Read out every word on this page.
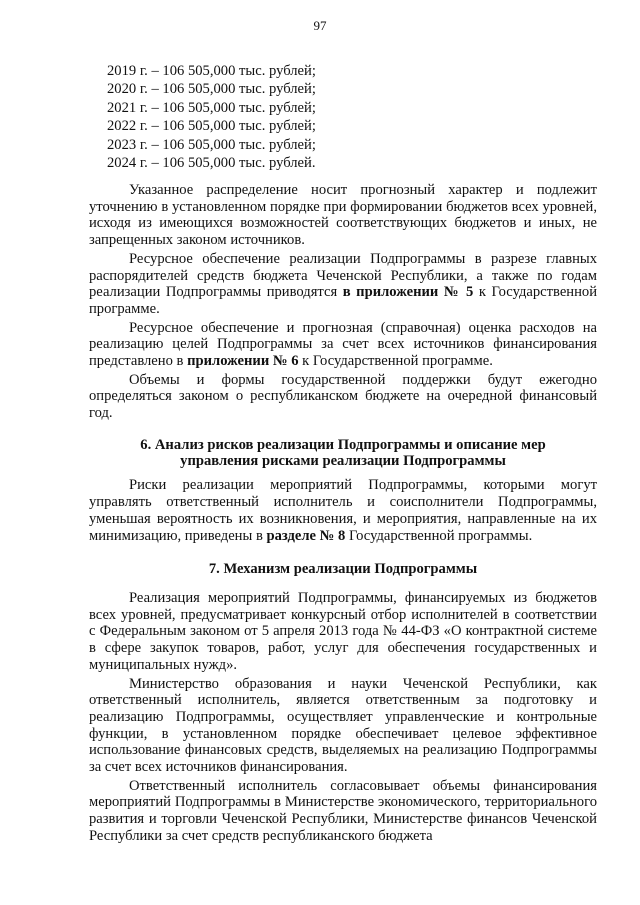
97
2019 г. – 106 505,000 тыс. рублей;
2020 г. – 106 505,000 тыс. рублей;
2021 г. – 106 505,000 тыс. рублей;
2022 г. – 106 505,000 тыс. рублей;
2023 г. – 106 505,000 тыс. рублей;
2024 г. – 106 505,000 тыс. рублей.

Указанное распределение носит прогнозный характер и подлежит уточнению в установленном порядке при формировании бюджетов всех уровней, исходя из имеющихся возможностей соответствующих бюджетов и иных, не запрещенных законом источников.

Ресурсное обеспечение реализации Подпрограммы в разрезе главных распорядителей средств бюджета Чеченской Республики, а также по годам реализации Подпрограммы приводятся в приложении № 5 к Государственной программе.

Ресурсное обеспечение и прогнозная (справочная) оценка расходов на реализацию целей Подпрограммы за счет всех источников финансирования представлено в приложении № 6 к Государственной программе.

Объемы и формы государственной поддержки будут ежегодно определяться законом о республиканском бюджете на очередной финансовый год.

6. Анализ рисков реализации Подпрограммы и описание мер
управления рисками реализации Подпрограммы

Риски реализации мероприятий Подпрограммы, которыми могут управлять ответственный исполнитель и соисполнители Подпрограммы, уменьшая вероятность их возникновения, и мероприятия, направленные на их минимизацию, приведены в разделе № 8 Государственной программы.

7. Механизм реализации Подпрограммы

Реализация мероприятий Подпрограммы, финансируемых из бюджетов всех уровней, предусматривает конкурсный отбор исполнителей в соответствии с Федеральным законом от 5 апреля 2013 года № 44-ФЗ «О контрактной системе в сфере закупок товаров, работ, услуг для обеспечения государственных и муниципальных нужд».

Министерство образования и науки Чеченской Республики, как ответственный исполнитель, является ответственным за подготовку и реализацию Подпрограммы, осуществляет управленческие и контрольные функции, в установленном порядке обеспечивает целевое эффективное использование финансовых средств, выделяемых на реализацию Подпрограммы за счет всех источников финансирования.

Ответственный исполнитель согласовывает объемы финансирования мероприятий Подпрограммы в Министерстве экономического, территориального развития и торговли Чеченской Республики, Министерстве финансов Чеченской Республики за счет средств республиканского бюджета
